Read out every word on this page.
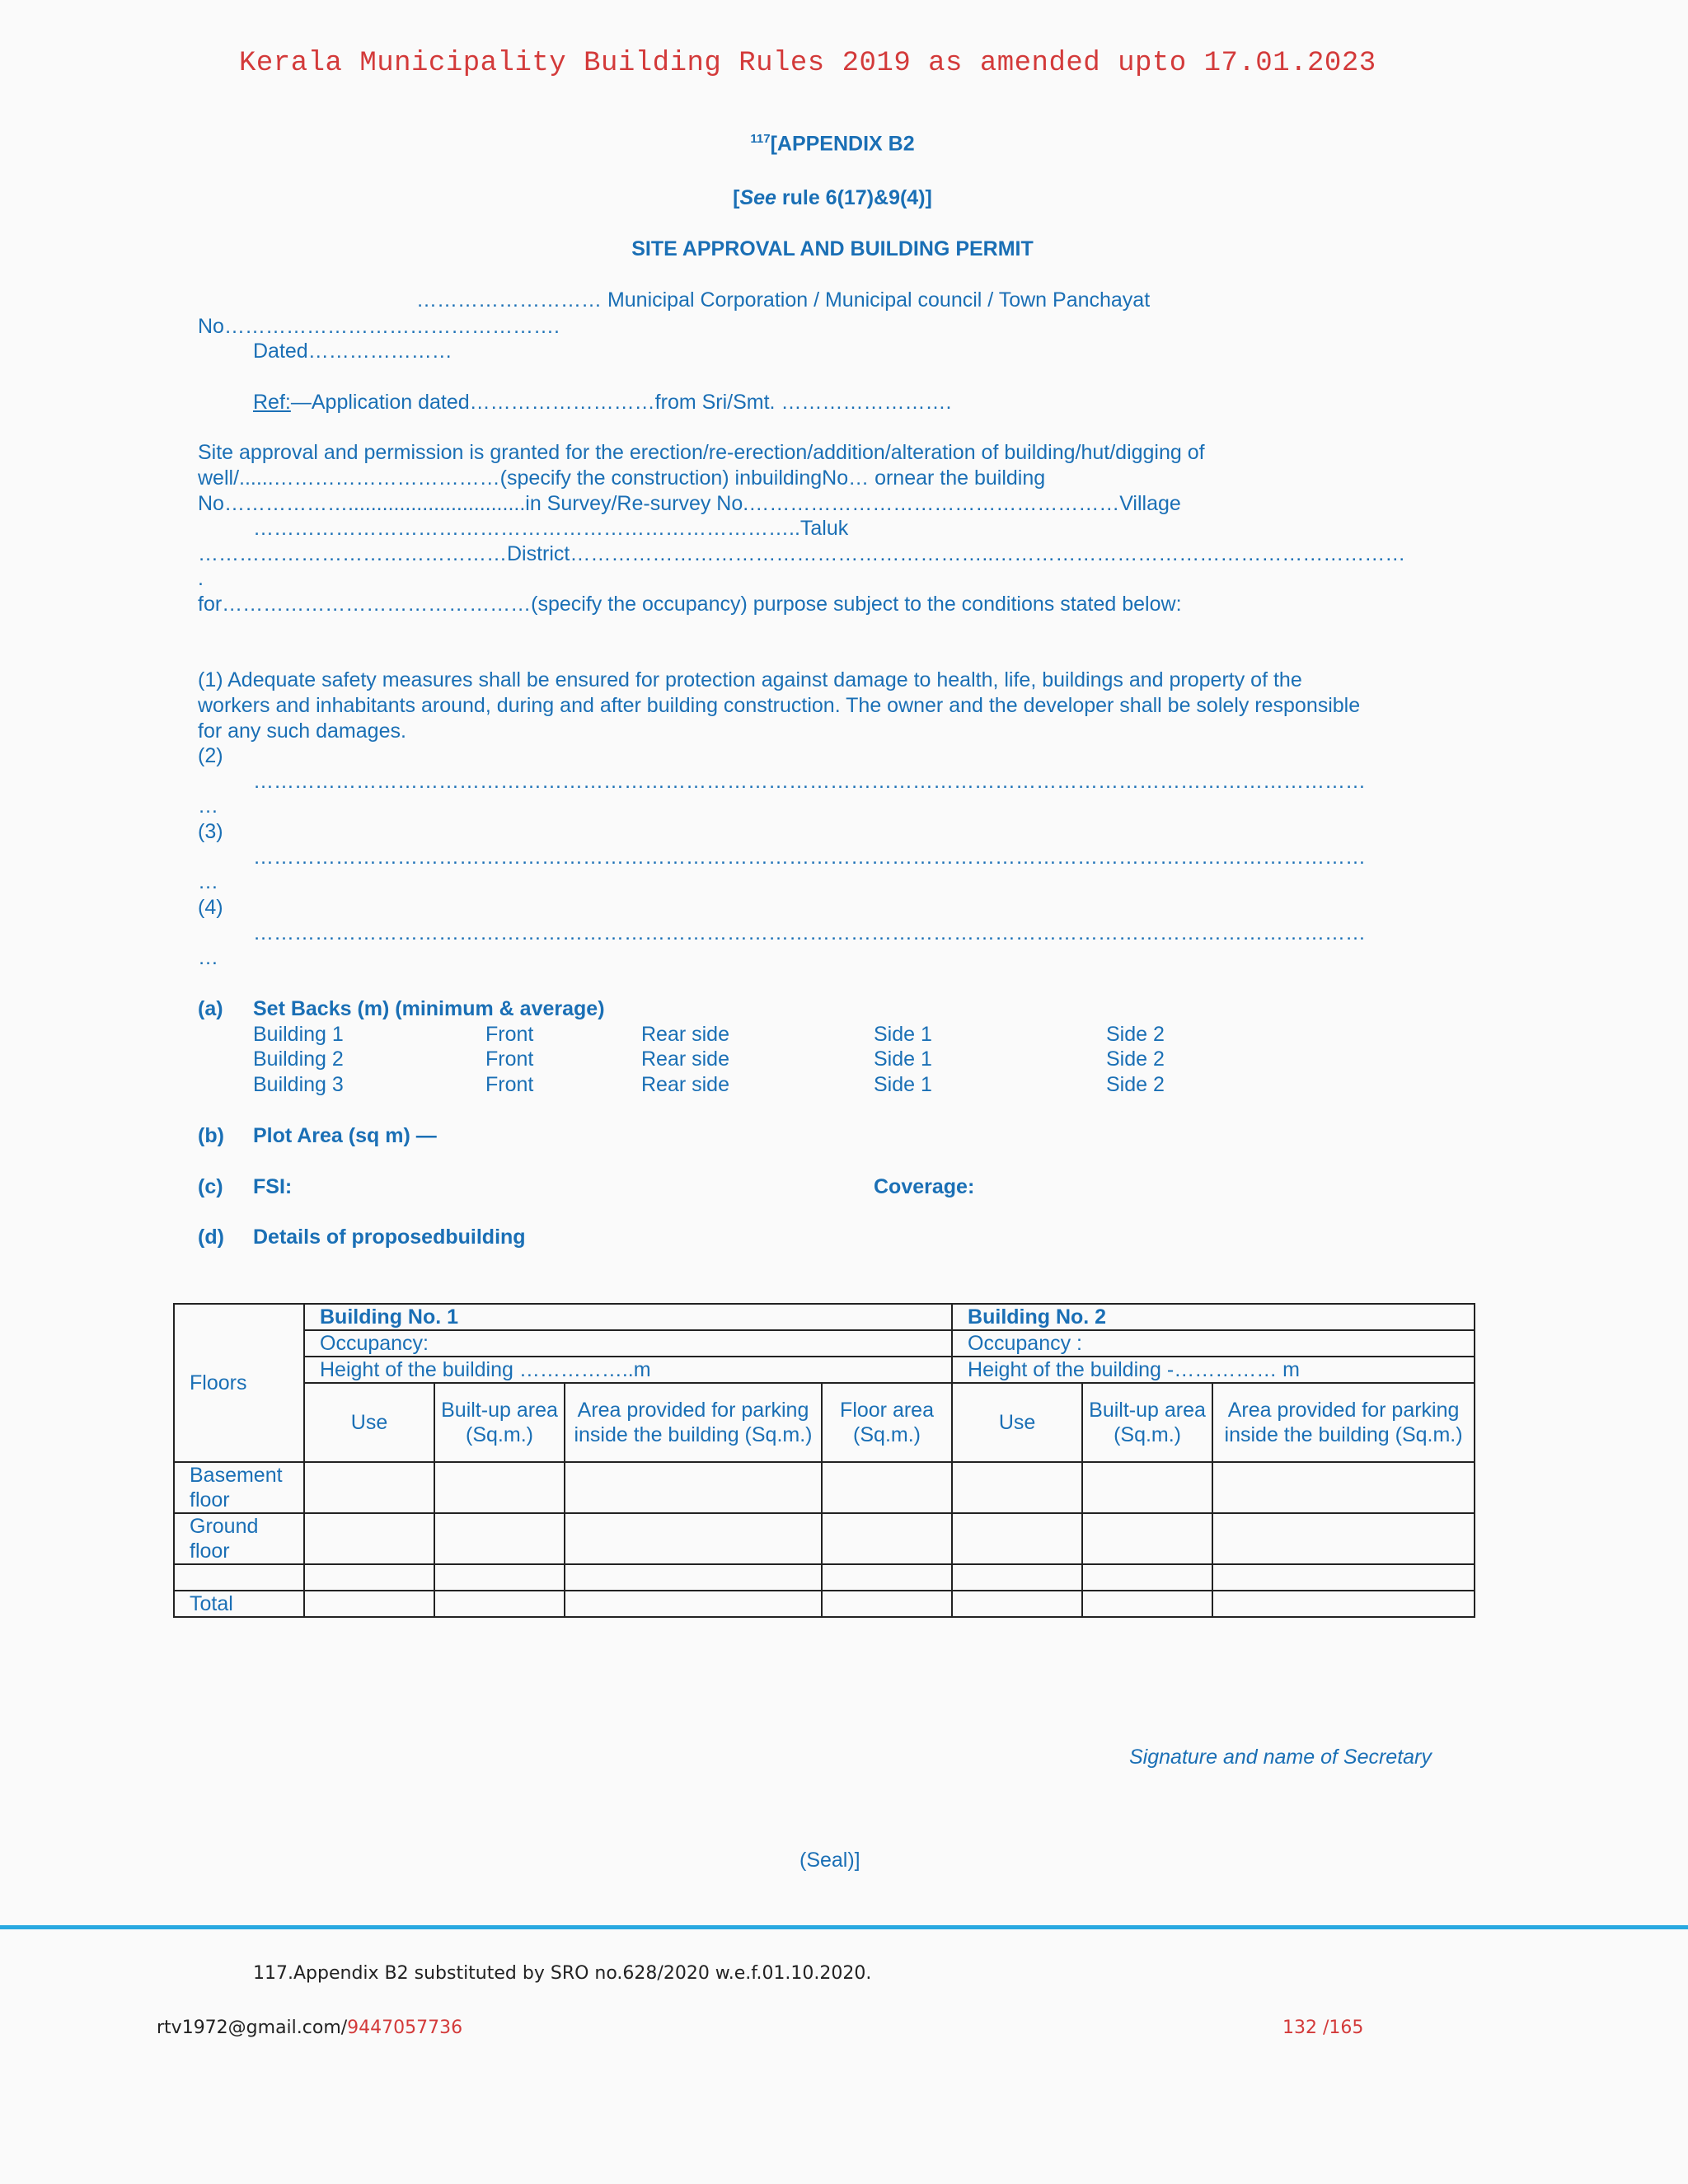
Kerala Municipality Building Rules 2019 as amended upto 17.01.2023
$^{117}$[APPENDIX B2
[See rule 6(17)&9(4)]
SITE APPROVAL AND BUILDING PERMIT
……………………… Municipal Corporation / Municipal council / Town Panchayat
No………………………………………….
Dated…………………
Ref:—Application dated………………………from Sri/Smt. …………………….
Site approval and permission is granted for the erection/re-erection/addition/alteration of building/hut/digging of
well/......……………………………(specify the construction) inbuildingNo… ornear the building
No………………...............................in Survey/Re-survey No.………………………………………………Village
……………………………………………………………………..Taluk
………………………………………District……………………………………………………..……………………………………………………
.
for………………………………………(specify the occupancy) purpose subject to the conditions stated below:
(1) Adequate safety measures shall be ensured for protection against damage to health, life, buildings and property of the
workers and inhabitants around, during and after building construction. The owner and the developer shall be solely responsible
for any such damages.
(2)
………………………………………………………………………………………………………………………………………………
…
(3)
………………………………………………………………………………………………………………………………………………
…
(4)
………………………………………………………………………………………………………………………………………………
…
(a) Set Backs (m) (minimum & average)
Building 1	Front	Rear side	Side 1	Side 2
Building 2	Front	Rear side	Side 1	Side 2
Building 3	Front	Rear side	Side 1	Side 2
(b) Plot Area (sq m) —
(c) FSI:	Coverage:
(d) Details of proposedbuilding
Floors	Building No. 1				Building No. 2		
	Occupancy:				Occupancy :		
	Height of the building ……………..m				Height of the building -…………… m		
	Use	Built-up area (Sq.m.)	Area provided for parking inside the building (Sq.m.)	Floor area (Sq.m.)	Use	Built-up area (Sq.m.)	Area provided for parking inside the building (Sq.m.)
Basement floor							
Ground floor							

Total							
Signature and name of Secretary
(Seal)]
117.Appendix B2 substituted by SRO no.628/2020 w.e.f.01.10.2020.
rtv1972@gmail.com/9447057736	132 /165
